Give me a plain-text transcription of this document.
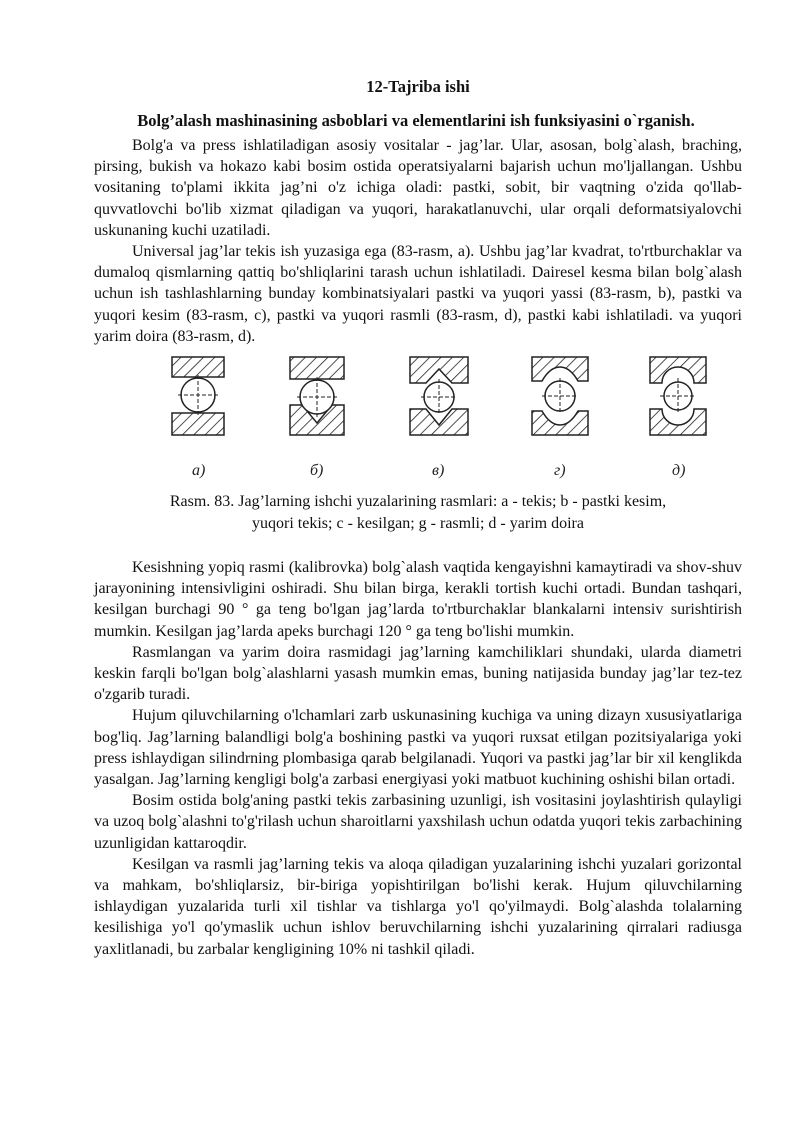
12-Tajriba ishi
Bolg’alash mashinasining asboblari va elementlarini ish funksiyasini o`rganish.

Bolg'a va press ishlatiladigan asosiy vositalar - jag’lar. Ular, asosan, bolg`alash, braching, pirsing, bukish va hokazo kabi bosim ostida operatsiyalarni bajarish uchun mo'ljallangan. Ushbu vositaning to'plami ikkita jag’ni o'z ichiga oladi: pastki, sobit, bir vaqtning o'zida qo'llab-quvvatlovchi bo'lib xizmat qiladigan va yuqori, harakatlanuvchi, ular orqali deformatsiyalovchi uskunaning kuchi uzatiladi.

Universal jag’lar tekis ish yuzasiga ega (83-rasm, a). Ushbu jag’lar kvadrat, to'rtburchaklar va dumaloq qismlarning qattiq bo'shliqlarini tarash uchun ishlatiladi. Dairesel kesma bilan bolg`alash uchun ish tashlashlarning bunday kombinatsiyalari pastki va yuqori yassi (83-rasm, b), pastki va yuqori kesim (83-rasm, c), pastki va yuqori rasmli (83-rasm, d), pastki kabi ishlatiladi. va yuqori yarim doira (83-rasm, d).

a)	б)	в)	г)	д)
Rasm. 83. Jag’larning ishchi yuzalarining rasmlari: a - tekis; b - pastki kesim,
yuqori tekis; c - kesilgan; g - rasmli; d - yarim doira

Kesishning yopiq rasmi (kalibrovka) bolg`alash vaqtida kengayishni kamaytiradi va shov-shuv jarayonining intensivligini oshiradi. Shu bilan birga, kerakli tortish kuchi ortadi. Bundan tashqari, kesilgan burchagi 90 ° ga teng bo'lgan jag’larda to'rtburchaklar blankalarni intensiv surishtirish mumkin. Kesilgan jag’larda apeks burchagi 120 ° ga teng bo'lishi mumkin.

Rasmlangan va yarim doira rasmidagi jag’larning kamchiliklari shundaki, ularda diametri keskin farqli bo'lgan bolg`alashlarni yasash mumkin emas, buning natijasida bunday jag’lar tez-tez o'zgarib turadi.

Hujum qiluvchilarning o'lchamlari zarb uskunasining kuchiga va uning dizayn xususiyatlariga bog'liq. Jag’larning balandligi bolg'a boshining pastki va yuqori ruxsat etilgan pozitsiyalariga yoki press ishlaydigan silindrning plombasiga qarab belgilanadi. Yuqori va pastki jag’lar bir xil kenglikda yasalgan. Jag’larning kengligi bolg'a zarbasi energiyasi yoki matbuot kuchining oshishi bilan ortadi.

Bosim ostida bolg'aning pastki tekis zarbasining uzunligi, ish vositasini joylashtirish qulayligi va uzoq bolg`alashni to'g'rilash uchun sharoitlarni yaxshilash uchun odatda yuqori tekis zarbachining uzunligidan kattaroqdir.

Kesilgan va rasmli jag’larning tekis va aloqa qiladigan yuzalarining ishchi yuzalari gorizontal va mahkam, bo'shliqlarsiz, bir-biriga yopishtirilgan bo'lishi kerak. Hujum qiluvchilarning ishlaydigan yuzalarida turli xil tishlar va tishlarga yo'l qo'yilmaydi. Bolg`alashda tolalarning kesilishiga yo'l qo'ymaslik uchun ishlov beruvchilarning ishchi yuzalarining qirralari radiusga yaxlitlanadi, bu zarbalar kengligining 10% ni tashkil qiladi.
